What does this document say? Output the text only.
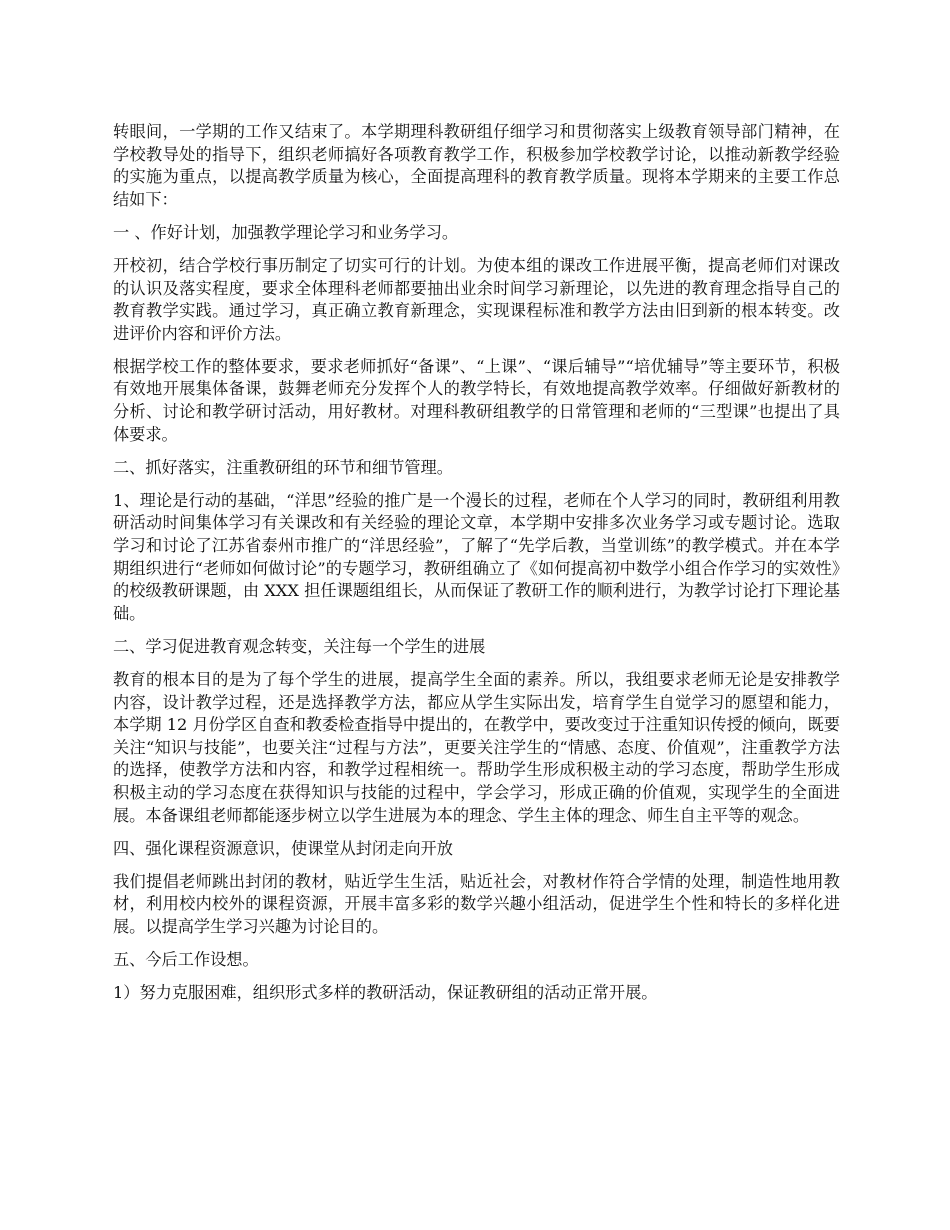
转眼间，一学期的工作又结束了。本学期理科教研组仔细学习和贯彻落实上级教育领导部门精神，在学校教导处的指导下，组织老师搞好各项教育教学工作，积极参加学校教学讨论，以推动新教学经验的实施为重点，以提高教学质量为核心，全面提高理科的教育教学质量。现将本学期来的主要工作总结如下：

一 、作好计划，加强教学理论学习和业务学习。

开校初，结合学校行事历制定了切实可行的计划。为使本组的课改工作进展平衡，提高老师们对课改的认识及落实程度，要求全体理科老师都要抽出业余时间学习新理论，以先进的教育理念指导自己的教育教学实践。通过学习，真正确立教育新理念，实现课程标准和教学方法由旧到新的根本转变。改进评价内容和评价方法。

根据学校工作的整体要求，要求老师抓好“备课”、“上课”、“课后辅导”“培优辅导”等主要环节，积极有效地开展集体备课，鼓舞老师充分发挥个人的教学特长，有效地提高教学效率。仔细做好新教材的分析、讨论和教学研讨活动，用好教材。对理科教研组教学的日常管理和老师的“三型课”也提出了具体要求。

二、抓好落实，注重教研组的环节和细节管理。

1、理论是行动的基础，“洋思”经验的推广是一个漫长的过程，老师在个人学习的同时，教研组利用教研活动时间集体学习有关课改和有关经验的理论文章，本学期中安排多次业务学习或专题讨论。选取学习和讨论了江苏省泰州市推广的“洋思经验”，了解了“先学后教，当堂训练”的教学模式。并在本学期组织进行“老师如何做讨论”的专题学习，教研组确立了《如何提高初中数学小组合作学习的实效性》的校级教研课题，由 XXX 担任课题组组长，从而保证了教研工作的顺利进行，为教学讨论打下理论基础。

二、学习促进教育观念转变，关注每一个学生的进展

教育的根本目的是为了每个学生的进展，提高学生全面的素养。所以，我组要求老师无论是安排教学内容，设计教学过程，还是选择教学方法，都应从学生实际出发，培育学生自觉学习的愿望和能力，本学期 12 月份学区自查和教委检查指导中提出的，在教学中，要改变过于注重知识传授的倾向，既要关注“知识与技能”，也要关注“过程与方法”，更要关注学生的“情感、态度、价值观”，注重教学方法的选择，使教学方法和内容，和教学过程相统一。帮助学生形成积极主动的学习态度，帮助学生形成积极主动的学习态度在获得知识与技能的过程中，学会学习，形成正确的价值观，实现学生的全面进展。本备课组老师都能逐步树立以学生进展为本的理念、学生主体的理念、师生自主平等的观念。

四、强化课程资源意识，使课堂从封闭走向开放

我们提倡老师跳出封闭的教材，贴近学生生活，贴近社会，对教材作符合学情的处理，制造性地用教材，利用校内校外的课程资源，开展丰富多彩的数学兴趣小组活动，促进学生个性和特长的多样化进展。以提高学生学习兴趣为讨论目的。

五、今后工作设想。

1）努力克服困难，组织形式多样的教研活动，保证教研组的活动正常开展。
